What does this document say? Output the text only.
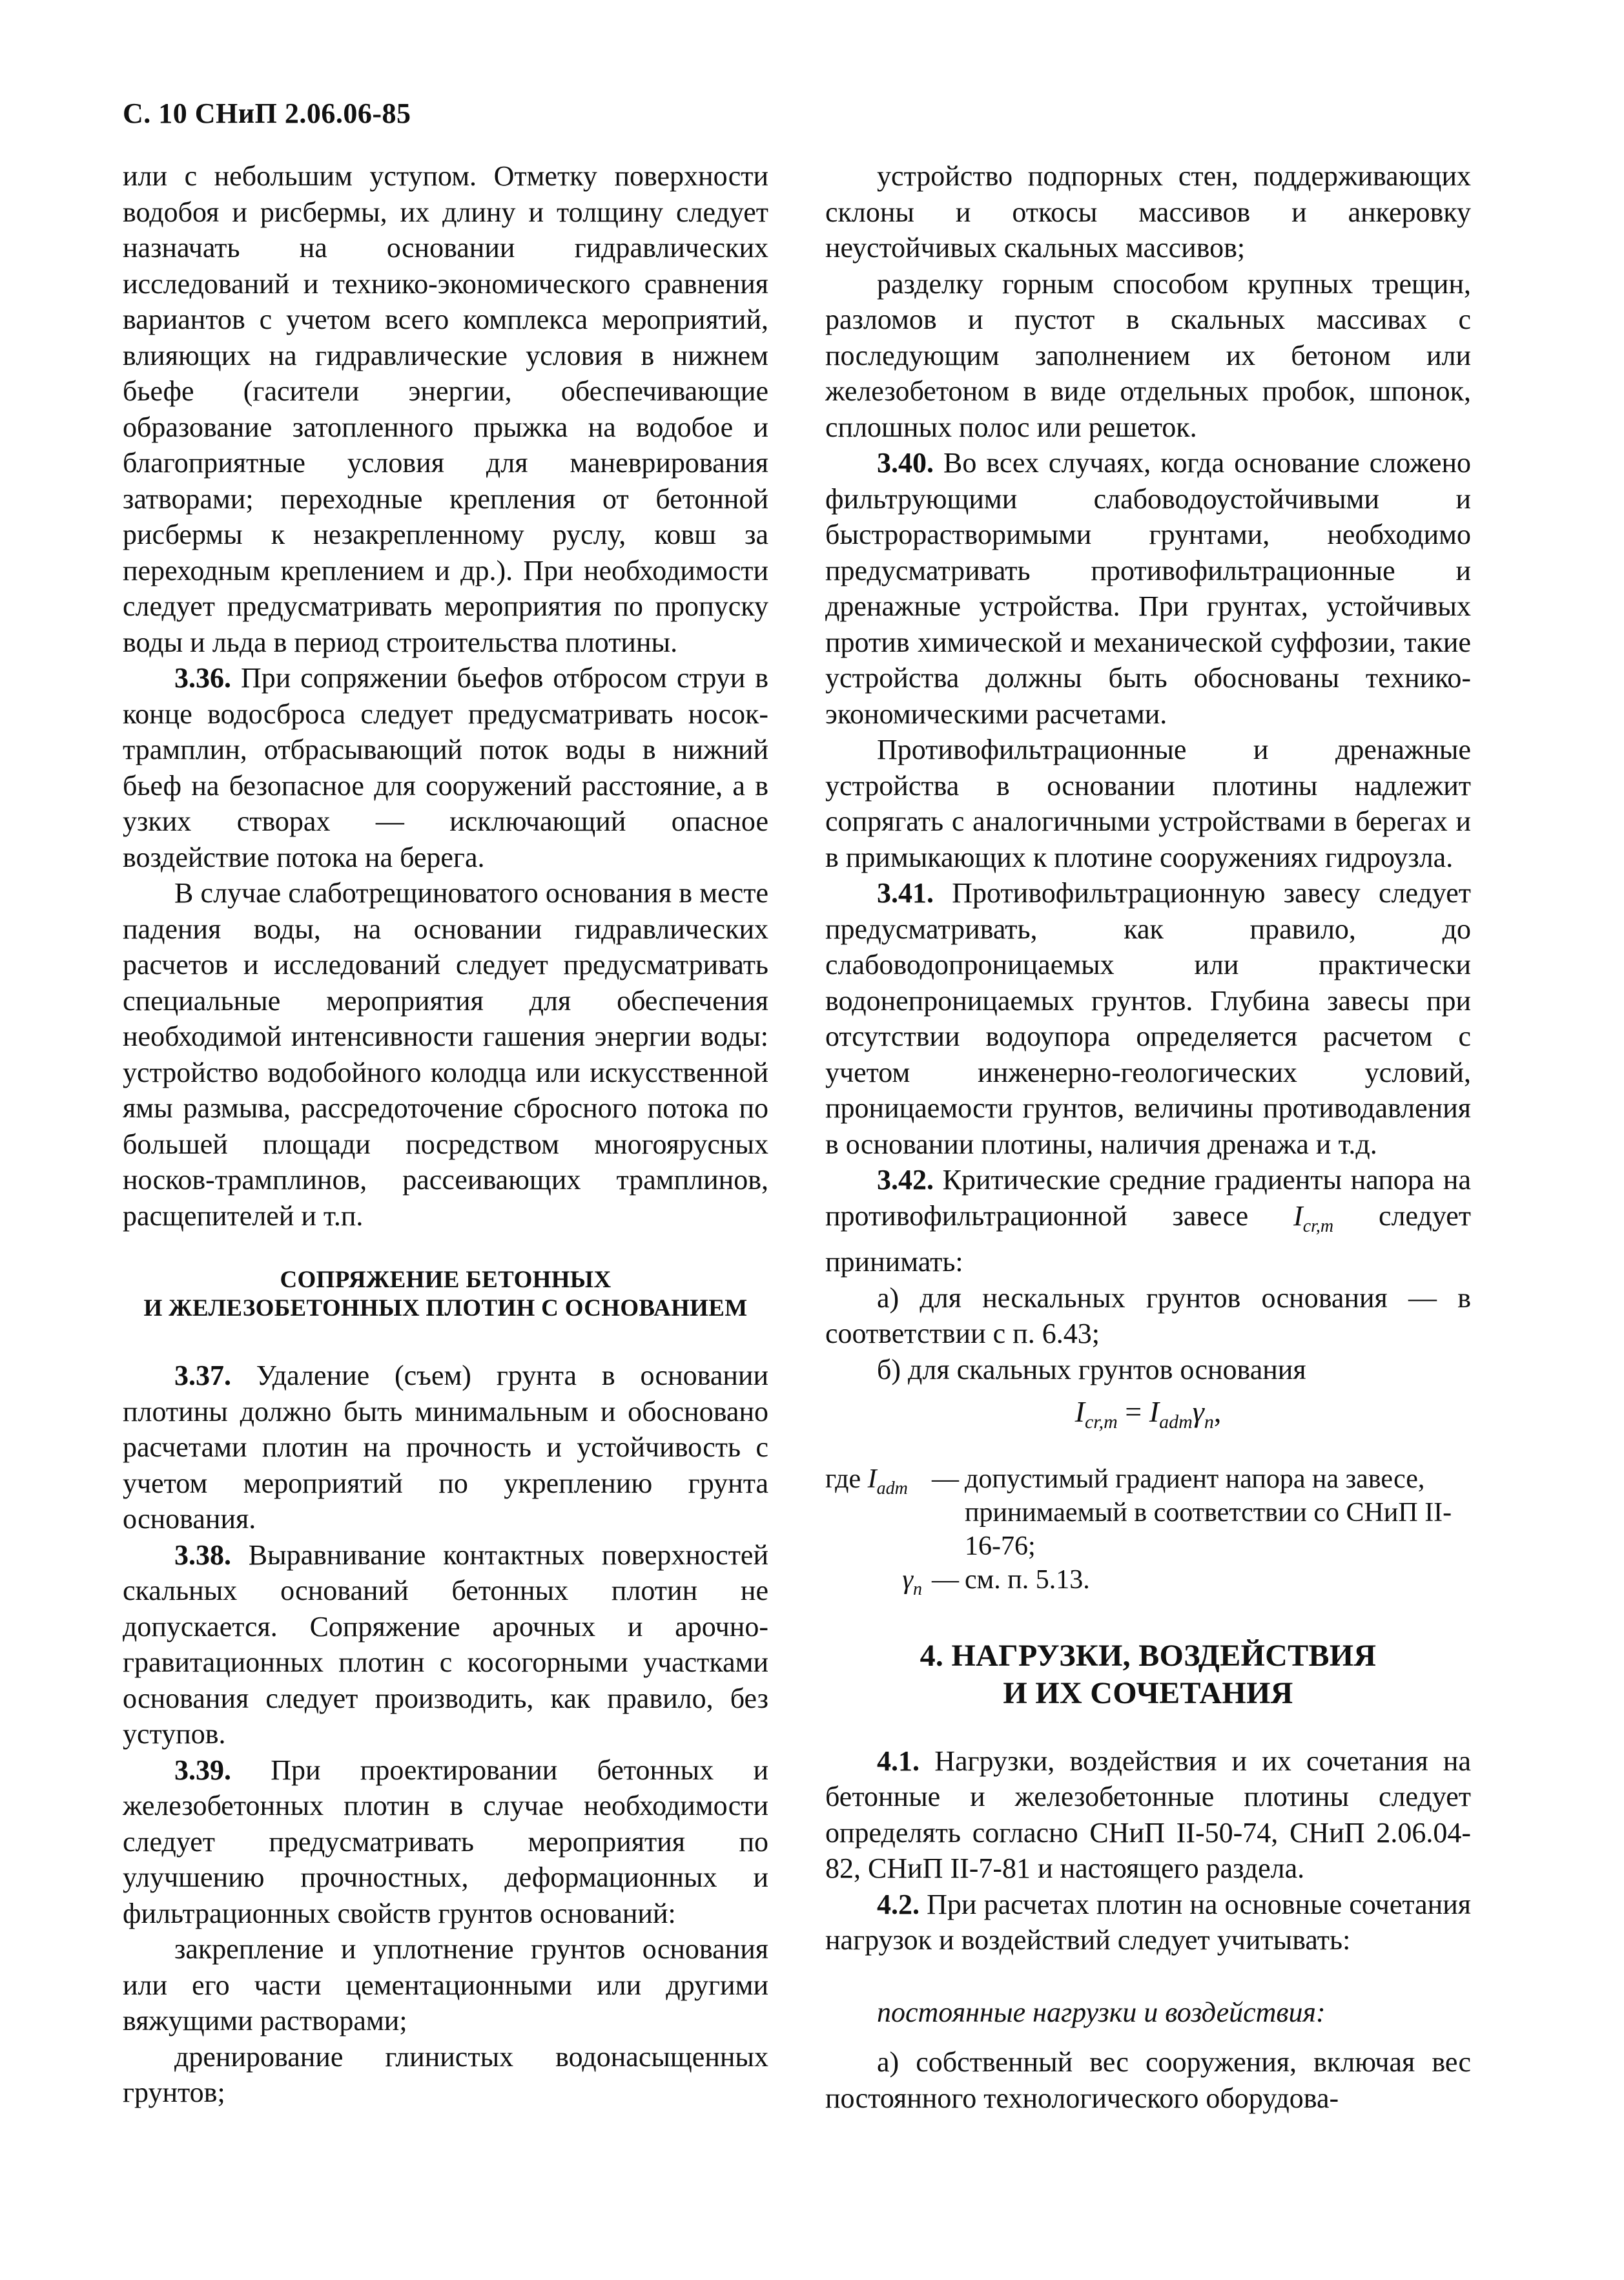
С. 10 СНиП 2.06.06-85

или с небольшим уступом. Отметку поверхности водобоя и рисбермы, их длину и толщину следует назначать на основании гидравлических исследований и технико-экономического сравнения вариантов с учетом всего комплекса мероприятий, влияющих на гидравлические условия в нижнем бьефе (гасители энергии, обеспечивающие образование затопленного прыжка на водобое и благоприятные условия для маневрирования затворами; переходные крепления от бетонной рисбермы к незакрепленному руслу, ковш за переходным креплением и др.). При необходимости следует предусматривать мероприятия по пропуску воды и льда в период строительства плотины.

3.36. При сопряжении бьефов отбросом струи в конце водосброса следует предусматривать носок-трамплин, отбрасывающий поток воды в нижний бьеф на безопасное для сооружений расстояние, а в узких створах — исключающий опасное воздействие потока на берега.

В случае слаботрещиноватого основания в месте падения воды, на основании гидравлических расчетов и исследований следует предусматривать специальные мероприятия для обеспечения необходимой интенсивности гашения энергии воды: устройство водобойного колодца или искусственной ямы размыва, рассредоточение сбросного потока по большей площади посредством многоярусных носков-трамплинов, рассеивающих трамплинов, расщепителей и т.п.

СОПРЯЖЕНИЕ БЕТОННЫХ
И ЖЕЛЕЗОБЕТОННЫХ ПЛОТИН С ОСНОВАНИЕМ

3.37. Удаление (съем) грунта в основании плотины должно быть минимальным и обосновано расчетами плотин на прочность и устойчивость с учетом мероприятий по укреплению грунта основания.

3.38. Выравнивание контактных поверхностей скальных оснований бетонных плотин не допускается. Сопряжение арочных и арочно-гравитационных плотин с косогорными участками основания следует производить, как правило, без уступов.

3.39. При проектировании бетонных и железобетонных плотин в случае необходимости следует предусматривать мероприятия по улучшению прочностных, деформационных и фильтрационных свойств грунтов оснований:

закрепление и уплотнение грунтов основания или его части цементационными или другими вяжущими растворами;

дренирование глинистых водонасыщенных грунтов;

устройство подпорных стен, поддерживающих склоны и откосы массивов и анкеровку неустойчивых скальных массивов;

разделку горным способом крупных трещин, разломов и пустот в скальных массивах с последующим заполнением их бетоном или железобетоном в виде отдельных пробок, шпонок, сплошных полос или решеток.

3.40. Во всех случаях, когда основание сложено фильтрующими слабоводоустойчивыми и быстрорастворимыми грунтами, необходимо предусматривать противофильтрационные и дренажные устройства. При грунтах, устойчивых против химической и механической суффозии, такие устройства должны быть обоснованы технико-экономическими расчетами.

Противофильтрационные и дренажные устройства в основании плотины надлежит сопрягать с аналогичными устройствами в берегах и в примыкающих к плотине сооружениях гидроузла.

3.41. Противофильтрационную завесу следует предусматривать, как правило, до слабоводопроницаемых или практически водонепроницаемых грунтов. Глубина завесы при отсутствии водоупора определяется расчетом с учетом инженерно-геологических условий, проницаемости грунтов, величины противодавления в основании плотины, наличия дренажа и т.д.

3.42. Критические средние градиенты напора на противофильтрационной завесе $I_{cr,m}$ следует принимать:

а) для нескальных грунтов основания — в соответствии с п. 6.43;

б) для скальных грунтов основания

$I_{cr,m} = I_{adm}\gamma_n$,
где $I_{adm}$	—	допустимый градиент напора на завесе, принимаемый в соответствии со СНиП II-16-76;
$\gamma_n$	—	см. п. 5.13.
4. НАГРУЗКИ, ВОЗДЕЙСТВИЯ
И ИХ СОЧЕТАНИЯ

4.1. Нагрузки, воздействия и их сочетания на бетонные и железобетонные плотины следует определять согласно СНиП II-50-74, СНиП 2.06.04-82, СНиП II-7-81 и настоящего раздела.

4.2. При расчетах плотин на основные сочетания нагрузок и воздействий следует учитывать:

постоянные нагрузки и воздействия:

а) собственный вес сооружения, включая вес постоянного технологического оборудова-
